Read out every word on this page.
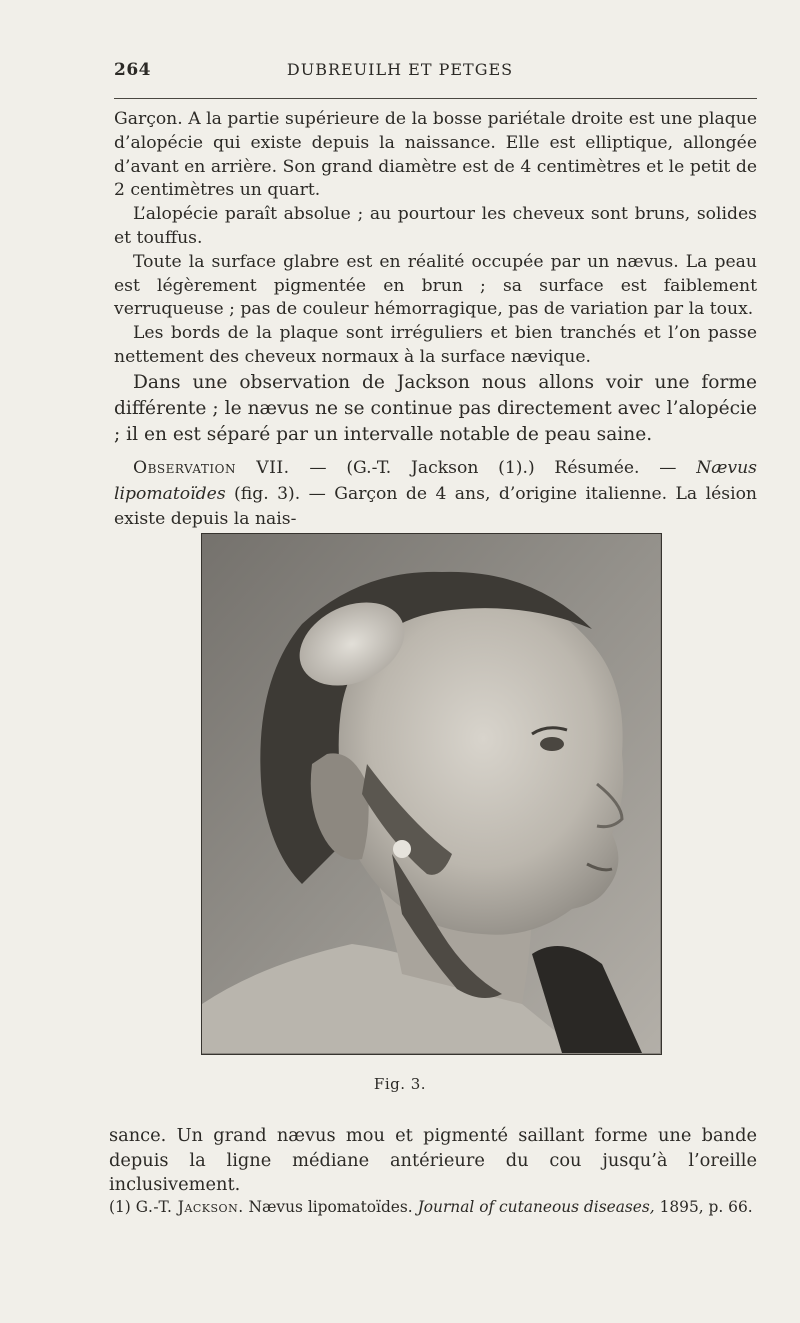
264	DUBREUILH ET PETGES

Garçon. A la partie supérieure de la bosse pariétale droite est une plaque d’alopécie qui existe depuis la naissance. Elle est elliptique, allongée d’avant en arrière. Son grand diamètre est de 4 centimètres et le petit de 2 centimètres un quart.

L’alopécie paraît absolue ; au pourtour les cheveux sont bruns, solides et touffus.

Toute la surface glabre est en réalité occupée par un nævus. La peau est légèrement pigmentée en brun ; sa surface est faiblement verruqueuse ; pas de couleur hémorragique, pas de variation par la toux.

Les bords de la plaque sont irréguliers et bien tranchés et l’on passe nettement des cheveux normaux à la surface nævique.

Dans une observation de Jackson nous allons voir une forme différente ; le nævus ne se continue pas directement avec l’alopécie ; il en est séparé par un intervalle notable de peau saine.

Observation VII. — (G.-T. Jackson (1).) Résumée. — Nævus lipomatoïdes (fig. 3). — Garçon de 4 ans, d’origine italienne. La lésion existe depuis la nais-
Fig. 3.

sance. Un grand nævus mou et pigmenté saillant forme une bande depuis la ligne médiane antérieure du cou jusqu’à l’oreille inclusivement.

(1) G.-T. Jackson. Nævus lipomatoïdes. Journal of cutaneous diseases, 1895, p. 66.
